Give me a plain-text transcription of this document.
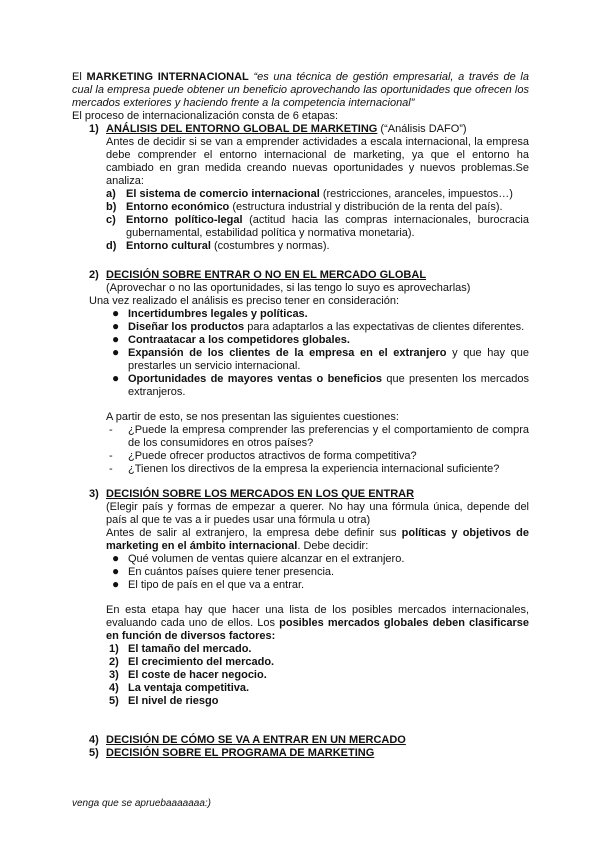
El MARKETING INTERNACIONAL “es una técnica de gestión empresarial, a través de la cual la empresa puede obtener un beneficio aprovechando las oportunidades que ofrecen los mercados exteriores y haciendo frente a la competencia internacional”

El proceso de internacionalización consta de 6 etapas:

1) ANÁLISIS DEL ENTORNO GLOBAL DE MARKETING (“Análisis DAFO”)

Antes de decidir si se van a emprender actividades a escala internacional, la empresa debe comprender el entorno internacional de marketing, ya que el entorno ha cambiado en gran medida creando nuevas oportunidades y nuevos problemas.Se analiza:

a) El sistema de comercio internacional (restricciones, aranceles, impuestos…)
b) Entorno económico (estructura industrial y distribución de la renta del país).
c) Entorno político-legal (actitud hacia las compras internacionales, burocracia gubernamental, estabilidad política y normativa monetaria).
d) Entorno cultural (costumbres y normas).

2) DECISIÓN SOBRE ENTRAR O NO EN EL MERCADO GLOBAL

(Aprovechar o no las oportunidades, si las tengo lo suyo es aprovecharlas)

Una vez realizado el análisis es preciso tener en consideración:

● Incertidumbres legales y políticas.
● Diseñar los productos para adaptarlos a las expectativas de clientes diferentes.
● Contraatacar a los competidores globales.
● Expansión de los clientes de la empresa en el extranjero y que hay que prestarles un servicio internacional.
● Oportunidades de mayores ventas o beneficios que presenten los mercados extranjeros.

A partir de esto, se nos presentan las siguientes cuestiones:

- ¿Puede la empresa comprender las preferencias y el comportamiento de compra de los consumidores en otros países?
- ¿Puede ofrecer productos atractivos de forma competitiva?
- ¿Tienen los directivos de la empresa la experiencia internacional suficiente?

3) DECISIÓN SOBRE LOS MERCADOS EN LOS QUE ENTRAR

(Elegir país y formas de empezar a querer. No hay una fórmula única, depende del país al que te vas a ir puedes usar una fórmula u otra)

Antes de salir al extranjero, la empresa debe definir sus políticas y objetivos de marketing en el ámbito internacional. Debe decidir:

● Qué volumen de ventas quiere alcanzar en el extranjero.
● En cuántos países quiere tener presencia.
● El tipo de país en el que va a entrar.

En esta etapa hay que hacer una lista de los posibles mercados internacionales, evaluando cada uno de ellos. Los posibles mercados globales deben clasificarse en función de diversos factores:

1) El tamaño del mercado.
2) El crecimiento del mercado.
3) El coste de hacer negocio.
4) La ventaja competitiva.
5) El nivel de riesgo

4) DECISIÓN DE CÓMO SE VA A ENTRAR EN UN MERCADO

5) DECISIÓN SOBRE EL PROGRAMA DE MARKETING

venga que se apruebaaaaaaa:)
